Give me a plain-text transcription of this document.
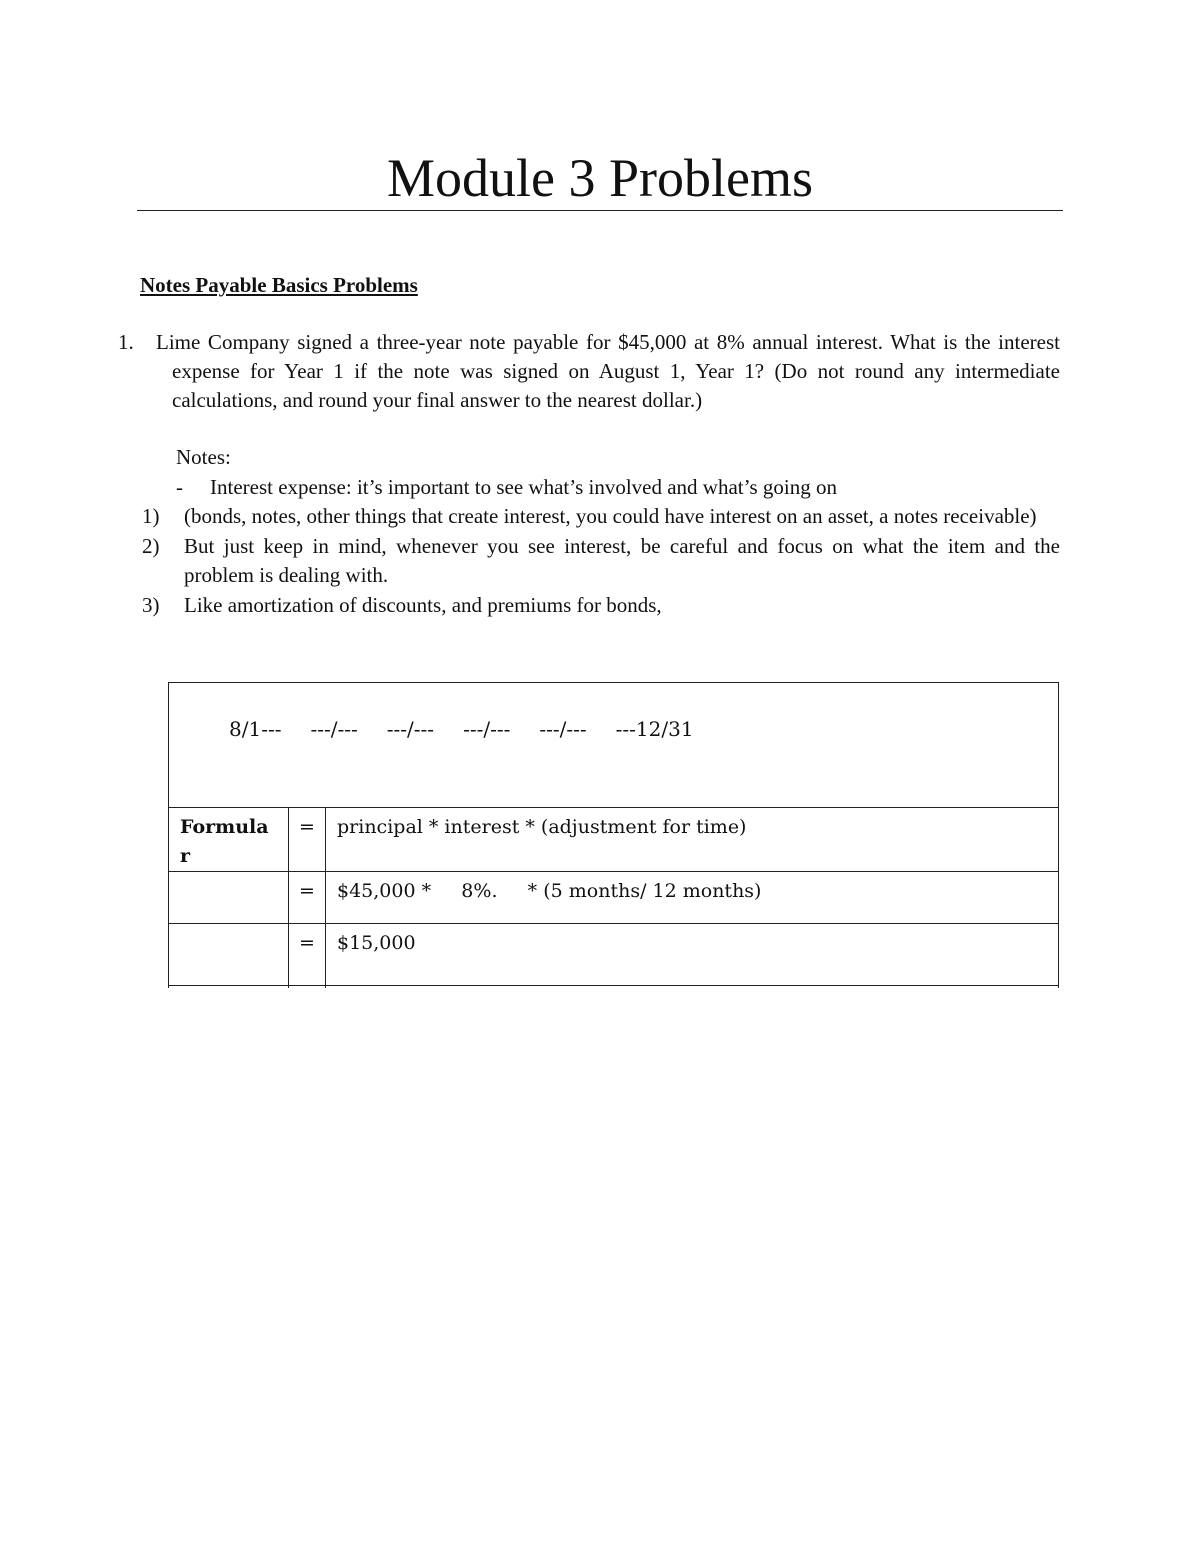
Module 3 Problems
Notes Payable Basics Problems
1. Lime Company signed a three-year note payable for $45,000 at 8% annual interest. What is the interest expense for Year 1 if the note was signed on August 1, Year 1? (Do not round any intermediate calculations, and round your final answer to the nearest dollar.)
Notes:
- Interest expense: it’s important to see what’s involved and what’s going on
1) (bonds, notes, other things that create interest, you could have interest on an asset, a notes receivable)
2) But just keep in mind, whenever you see interest, be careful and focus on what the item and the problem is dealing with.
3) Like amortization of discounts, and premiums for bonds,
8/1--- ---/--- ---/--- ---/--- ---/--- ---12/31
Formular	=	principal * interest * (adjustment for time)
	=	$45,000 *     8%.     * (5 months/ 12 months)
	=	$15,000
